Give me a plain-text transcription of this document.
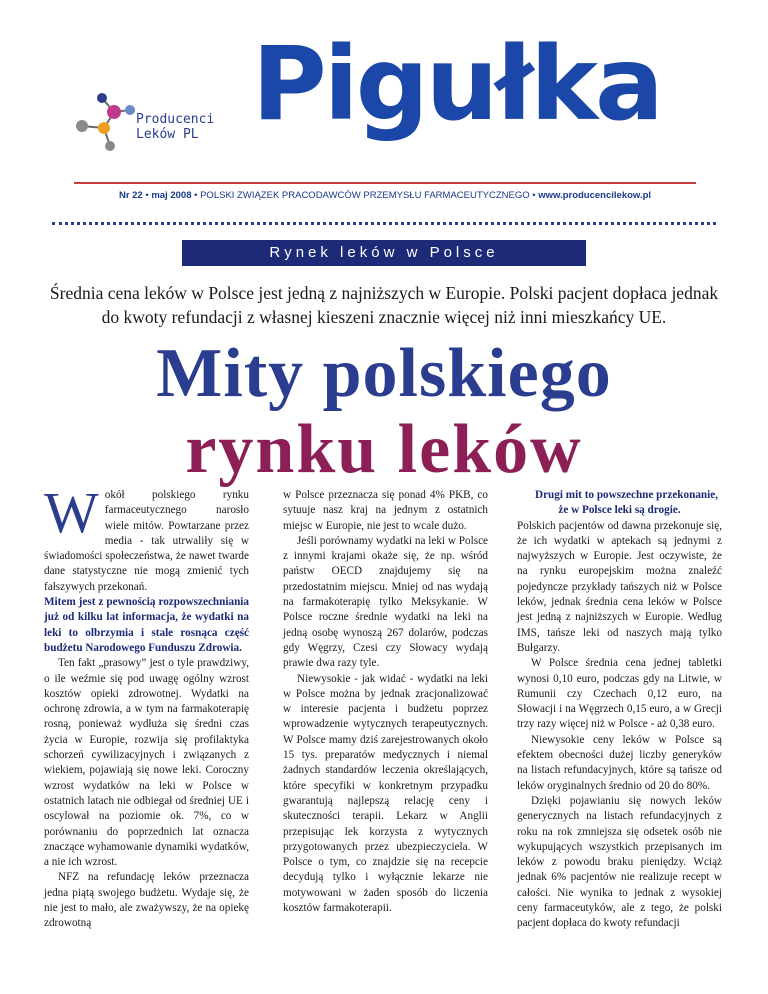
Producenci
Leków PL Pigułka
Nr 22 • maj 2008 • POLSKI ZWIĄZEK PRACODAWCÓW PRZEMYSŁU FARMACEUTYCZNEGO • www.producencilekow.pl
Rynek leków w Polsce

Średnia cena leków w Polsce jest jedną z najniższych w Europie. Polski pacjent dopłaca jednak do kwoty refundacji z własnej kieszeni znacznie więcej niż inni mieszkańcy UE.

Mity polskiego
rynku leków

Wokół polskiego rynku farmaceutycznego narosło wiele mitów. Powtarzane przez media - tak utrwaliły się w świadomości społeczeństwa, że nawet twarde dane statystyczne nie mogą zmienić tych fałszywych przekonań.

Mitem jest z pewnością rozpowszechniania już od kilku lat informacja, że wydatki na leki to olbrzymia i stale rosnąca część budżetu Narodowego Funduszu Zdrowia.

Ten fakt „prasowy” jest o tyle prawdziwy, o ile weźmie się pod uwagę ogólny wzrost kosztów opieki zdrowotnej. Wydatki na ochronę zdrowia, a w tym na farmakoterapię rosną, ponieważ wydłuża się średni czas życia w Europie, rozwija się profilaktyka schorzeń cywilizacyjnych i związanych z wiekiem, pojawiają się nowe leki. Coroczny wzrost wydatków na leki w Polsce w ostatnich latach nie odbiegał od średniej UE i oscylował na poziomie ok. 7%, co w porównaniu do poprzednich lat oznacza znaczące wyhamowanie dynamiki wydatków, a nie ich wzrost.

NFZ na refundację leków przeznacza jedna piątą swojego budżetu. Wydaje się, że nie jest to mało, ale zważywszy, że na opiekę zdrowotną

w Polsce przeznacza się ponad 4% PKB, co sytuuje nasz kraj na jednym z ostatnich miejsc w Europie, nie jest to wcale dużo.

Jeśli porównamy wydatki na leki w Polsce z innymi krajami okaże się, że np. wśród państw OECD znajdujemy się na przedostatnim miejscu. Mniej od nas wydają na farmakoterapię tylko Meksykanie. W Polsce roczne średnie wydatki na leki na jedną osobę wynoszą 267 dolarów, podczas gdy Węgrzy, Czesi czy Słowacy wydają prawie dwa razy tyle.

Niewysokie - jak widać - wydatki na leki w Polsce można by jednak zracjonalizować w interesie pacjenta i budżetu poprzez wprowadzenie wytycznych terapeutycznych. W Polsce mamy dziś zarejestrowanych około 15 tys. preparatów medycznych i niemal żadnych standardów leczenia określających, które specyfiki w konkretnym przypadku gwarantują najlepszą relację ceny i skuteczności terapii. Lekarz w Anglii przepisując lek korzysta z wytycznych przygotowanych przez ubezpieczyciela. W Polsce o tym, co znajdzie się na recepcie decydują tylko i wyłącznie lekarze nie motywowani w żaden sposób do liczenia kosztów farmakoterapii.

Drugi mit to powszechne przekonanie, że w Polsce leki są drogie.

Polskich pacjentów od dawna przekonuje się, że ich wydatki w aptekach są jednymi z najwyższych w Europie. Jest oczywiste, że na rynku europejskim można znaleźć pojedyncze przykłady tańszych niż w Polsce leków, jednak średnia cena leków w Polsce jest jedną z najniższych w Europie. Według IMS, tańsze leki od naszych mają tylko Bułgarzy.

W Polsce średnia cena jednej tabletki wynosi 0,10 euro, podczas gdy na Litwie, w Rumunii czy Czechach 0,12 euro, na Słowacji i na Węgrzech 0,15 euro, a w Grecji trzy razy więcej niż w Polsce - aż 0,38 euro.

Niewysokie ceny leków w Polsce są efektem obecności dużej liczby generyków na listach refundacyjnych, które są tańsze od leków oryginalnych średnio od 20 do 80%.

Dzięki pojawianiu się nowych leków generycznych na listach refundacyjnych z roku na rok zmniejsza się odsetek osób nie wykupujących wszystkich przepisanych im leków z powodu braku pieniędzy. Wciąż jednak 6% pacjentów nie realizuje recept w całości. Nie wynika to jednak z wysokiej ceny farmaceutyków, ale z tego, że polski pacjent dopłaca do kwoty refundacji
